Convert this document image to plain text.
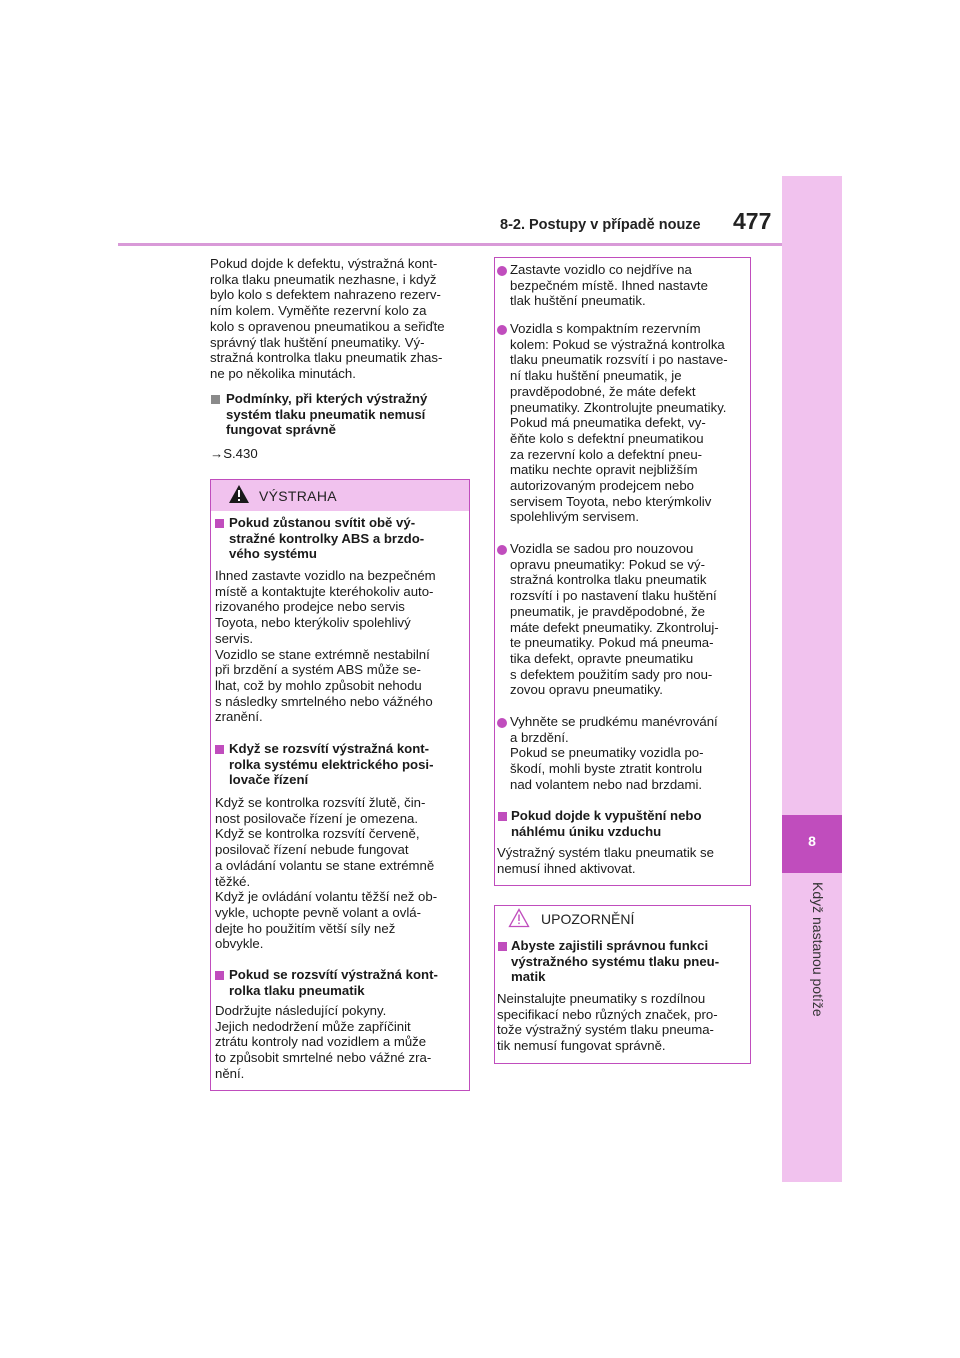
8
Když nastanou potíže
8-2. Postupy v případě nouze 477
Pokud dojde k defektu, výstražná kont-
rolka tlaku pneumatik nezhasne, i když
bylo kolo s defektem nahrazeno rezerv-
ním kolem. Vyměňte rezervní kolo za
kolo s opravenou pneumatikou a seřiďte
správný tlak huštění pneumatiky. Vý-
stražná kontrolka tlaku pneumatik zhas-
ne po několika minutách.
Podmínky, při kterých výstražný
systém tlaku pneumatik nemusí
fungovat správně
→S.430
VÝSTRAHA
Pokud zůstanou svítit obě vý-
stražné kontrolky ABS a brzdo-
vého systému
Ihned zastavte vozidlo na bezpečném
místě a kontaktujte kteréhokoliv auto-
rizovaného prodejce nebo servis
Toyota, nebo kterýkoliv spolehlivý
servis.
Vozidlo se stane extrémně nestabilní
při brzdění a systém ABS může se-
lhat, což by mohlo způsobit nehodu
s následky smrtelného nebo vážného
zranění.
Když se rozsvítí výstražná kont-
rolka systému elektrického posi-
lovače řízení
Když se kontrolka rozsvítí žlutě, čin-
nost posilovače řízení je omezena.
Když se kontrolka rozsvítí červeně,
posilovač řízení nebude fungovat
a ovládání volantu se stane extrémně
těžké.
Když je ovládání volantu těžší než ob-
vykle, uchopte pevně volant a ovlá-
dejte ho použitím větší síly než
obvykle.
Pokud se rozsvítí výstražná kont-
rolka tlaku pneumatik
Dodržujte následující pokyny.
Jejich nedodržení může zapříčinit
ztrátu kontroly nad vozidlem a může
to způsobit smrtelné nebo vážné zra-
nění.
Zastavte vozidlo co nejdříve na
bezpečném místě. Ihned nastavte
tlak huštění pneumatik.
Vozidla s kompaktním rezervním
kolem: Pokud se výstražná kontrolka
tlaku pneumatik rozsvítí i po nastave-
ní tlaku huštění pneumatik, je
pravděpodobné, že máte defekt
pneumatiky. Zkontrolujte pneumatiky.
Pokud má pneumatika defekt, vy-
ěňte kolo s defektní pneumatikou
za rezervní kolo a defektní pneu-
matiku nechte opravit nejbližším
autorizovaným prodejcem nebo
servisem Toyota, nebo kterýmkoliv
spolehlivým servisem.
Vozidla se sadou pro nouzovou
opravu pneumatiky: Pokud se vý-
stražná kontrolka tlaku pneumatik
rozsvítí i po nastavení tlaku huštění
pneumatik, je pravděpodobné, že
máte defekt pneumatiky. Zkontroluj-
te pneumatiky. Pokud má pneuma-
tika defekt, opravte pneumatiku
s defektem použitím sady pro nou-
zovou opravu pneumatiky.
Vyhněte se prudkému manévrování
a brzdění.
Pokud se pneumatiky vozidla po-
škodí, mohli byste ztratit kontrolu
nad volantem nebo nad brzdami.
Pokud dojde k vypuštění nebo
náhlému úniku vzduchu
Výstražný systém tlaku pneumatik se
nemusí ihned aktivovat.
UPOZORNĚNÍ
Abyste zajistili správnou funkci
výstražného systému tlaku pneu-
matik
Neinstalujte pneumatiky s rozdílnou
specifikací nebo různých značek, pro-
tože výstražný systém tlaku pneuma-
tik nemusí fungovat správně.
